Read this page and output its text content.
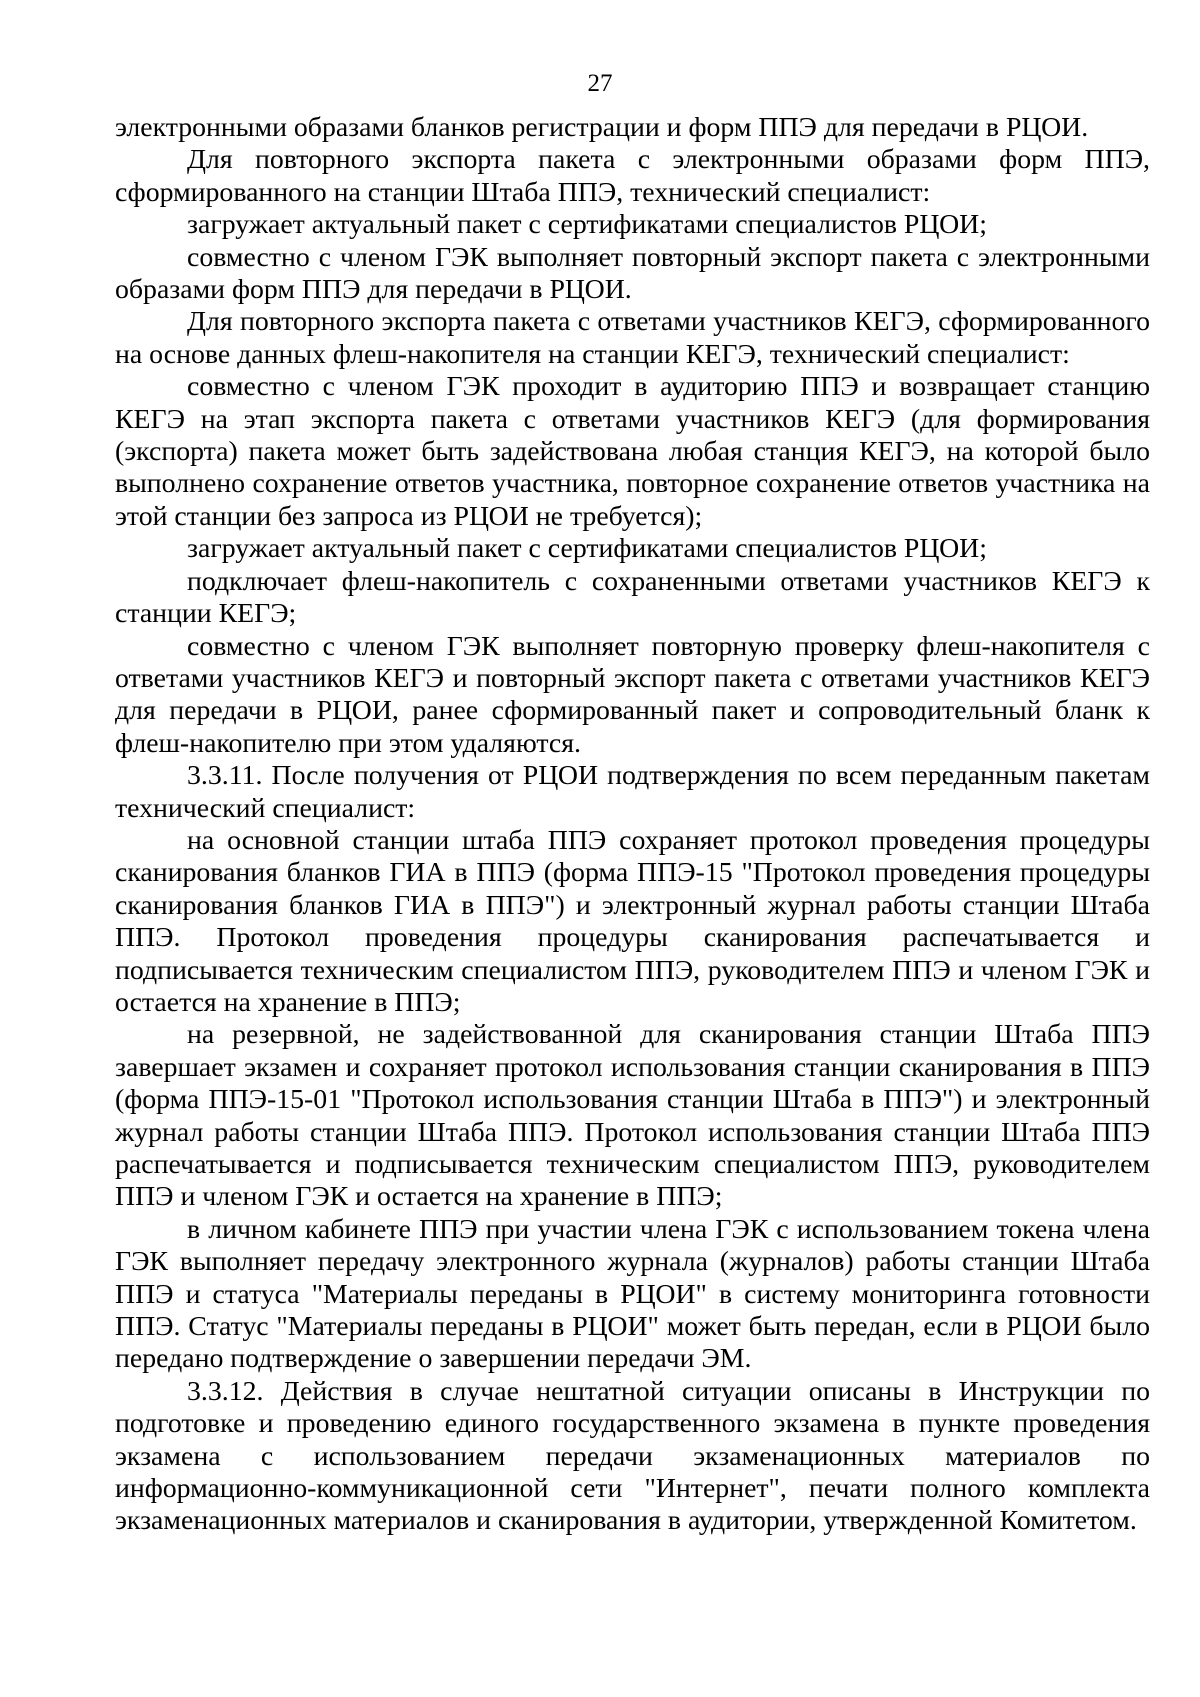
27

электронными образами бланков регистрации и форм ППЭ для передачи в РЦОИ.

Для повторного экспорта пакета с электронными образами форм ППЭ, сформированного на станции Штаба ППЭ, технический специалист:

загружает актуальный пакет с сертификатами специалистов РЦОИ;

совместно с членом ГЭК выполняет повторный экспорт пакета с электронными образами форм ППЭ для передачи в РЦОИ.

Для повторного экспорта пакета с ответами участников КЕГЭ, сформированного на основе данных флеш-накопителя на станции КЕГЭ, технический специалист:

совместно с членом ГЭК проходит в аудиторию ППЭ и возвращает станцию КЕГЭ на этап экспорта пакета с ответами участников КЕГЭ (для формирования (экспорта) пакета может быть задействована любая станция КЕГЭ, на которой было выполнено сохранение ответов участника, повторное сохранение ответов участника на этой станции без запроса из РЦОИ не требуется);

загружает актуальный пакет с сертификатами специалистов РЦОИ;

подключает флеш-накопитель с сохраненными ответами участников КЕГЭ к станции КЕГЭ;

совместно с членом ГЭК выполняет повторную проверку флеш-накопителя с ответами участников КЕГЭ и повторный экспорт пакета с ответами участников КЕГЭ для передачи в РЦОИ, ранее сформированный пакет и сопроводительный бланк к флеш-накопителю при этом удаляются.

3.3.11. После получения от РЦОИ подтверждения по всем переданным пакетам технический специалист:

на основной станции штаба ППЭ сохраняет протокол проведения процедуры сканирования бланков ГИА в ППЭ (форма ППЭ-15 "Протокол проведения процедуры сканирования бланков ГИА в ППЭ") и электронный журнал работы станции Штаба ППЭ. Протокол проведения процедуры сканирования распечатывается и подписывается техническим специалистом ППЭ, руководителем ППЭ и членом ГЭК и остается на хранение в ППЭ;

на резервной, не задействованной для сканирования станции Штаба ППЭ завершает экзамен и сохраняет протокол использования станции сканирования в ППЭ (форма ППЭ-15-01 "Протокол использования станции Штаба в ППЭ") и электронный журнал работы станции Штаба ППЭ. Протокол использования станции Штаба ППЭ распечатывается и подписывается техническим специалистом ППЭ, руководителем ППЭ и членом ГЭК и остается на хранение в ППЭ;

в личном кабинете ППЭ при участии члена ГЭК с использованием токена члена ГЭК выполняет передачу электронного журнала (журналов) работы станции Штаба ППЭ и статуса "Материалы переданы в РЦОИ" в систему мониторинга готовности ППЭ. Статус "Материалы переданы в РЦОИ" может быть передан, если в РЦОИ было передано подтверждение о завершении передачи ЭМ.

3.3.12. Действия в случае нештатной ситуации описаны в Инструкции по подготовке и проведению единого государственного экзамена в пункте проведения экзамена с использованием передачи экзаменационных материалов по информационно-коммуникационной сети "Интернет", печати полного комплекта экзаменационных материалов и сканирования в аудитории, утвержденной Комитетом.
